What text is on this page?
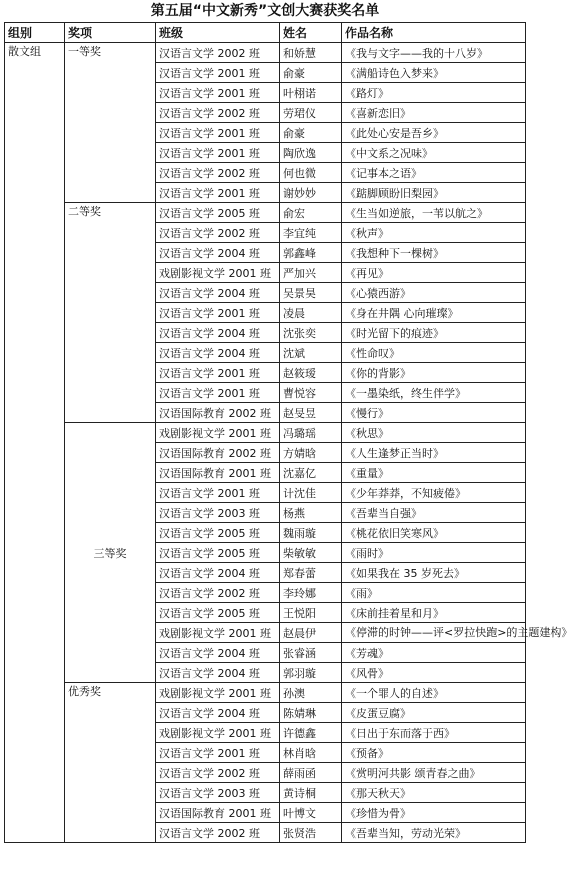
第五届“中文新秀”文创大赛获奖名单
组别	奖项	班级	姓名	作品名称
散文组	一等奖	汉语言文学 2002 班	和娇慧	《我与文字——我的十八岁》
		汉语言文学 2001 班	俞豪	《满船诗色入梦来》
		汉语言文学 2001 班	叶栩诺	《路灯》
		汉语言文学 2002 班	劳珺仪	《喜新恋旧》
		汉语言文学 2001 班	俞豪	《此处心安是吾乡》
		汉语言文学 2001 班	陶欣逸	《中文系之况味》
		汉语言文学 2002 班	何也微	《记事本之语》
		汉语言文学 2001 班	谢妙妙	《踮脚顾盼旧梨园》
	二等奖	汉语言文学 2005 班	俞宏	《生当如逆旅，一苇以航之》
		汉语言文学 2002 班	李宜纯	《秋声》
		汉语言文学 2004 班	郭鑫峰	《我想种下一棵树》
		戏剧影视文学 2001 班	严加兴	《再见》
		汉语言文学 2004 班	吴景昊	《心猿西游》
		汉语言文学 2001 班	凌晨	《身在井隅 心向璀璨》
		汉语言文学 2004 班	沈张奕	《时光留下的痕迹》
		汉语言文学 2004 班	沈斌	《性命叹》
		汉语言文学 2001 班	赵筱瑷	《你的背影》
		汉语言文学 2001 班	曹悦容	《一墨染纸，终生伴学》
		汉语国际教育 2002 班	赵旻昱	《慢行》
	三等奖	戏剧影视文学 2001 班	冯璐瑶	《秋思》
		汉语国际教育 2002 班	方婧晗	《人生逢梦正当时》
		汉语国际教育 2001 班	沈嘉亿	《重量》
		汉语言文学 2001 班	计沈佳	《少年莽莽，不知疲倦》
		汉语言文学 2003 班	杨燕	《吾辈当自强》
		汉语言文学 2005 班	魏雨璇	《桃花依旧笑寒风》
		汉语言文学 2005 班	柴敏敏	《雨时》
		汉语言文学 2004 班	郑春蕾	《如果我在 35 岁死去》
		汉语言文学 2002 班	李玲娜	《雨》
		汉语言文学 2005 班	王悦阳	《床前挂着星和月》
		戏剧影视文学 2001 班	赵晨伊	《停滞的时钟——评<罗拉快跑>的主题建构》
		汉语言文学 2004 班	张睿涵	《芳魂》
		汉语言文学 2004 班	郭羽璇	《风骨》
	优秀奖	戏剧影视文学 2001 班	孙澳	《一个罪人的自述》
		汉语言文学 2004 班	陈婧琳	《皮蛋豆腐》
		戏剧影视文学 2001 班	许德鑫	《日出于东而落于西》
		汉语言文学 2001 班	林肖晗	《预备》
		汉语言文学 2002 班	薛雨函	《赏明河共影 颂青春之曲》
		汉语言文学 2003 班	黄诗桐	《那天秋天》
		汉语国际教育 2001 班	叶博文	《珍惜为骨》
		汉语言文学 2002 班	张贤浩	《吾辈当知，劳动光荣》
